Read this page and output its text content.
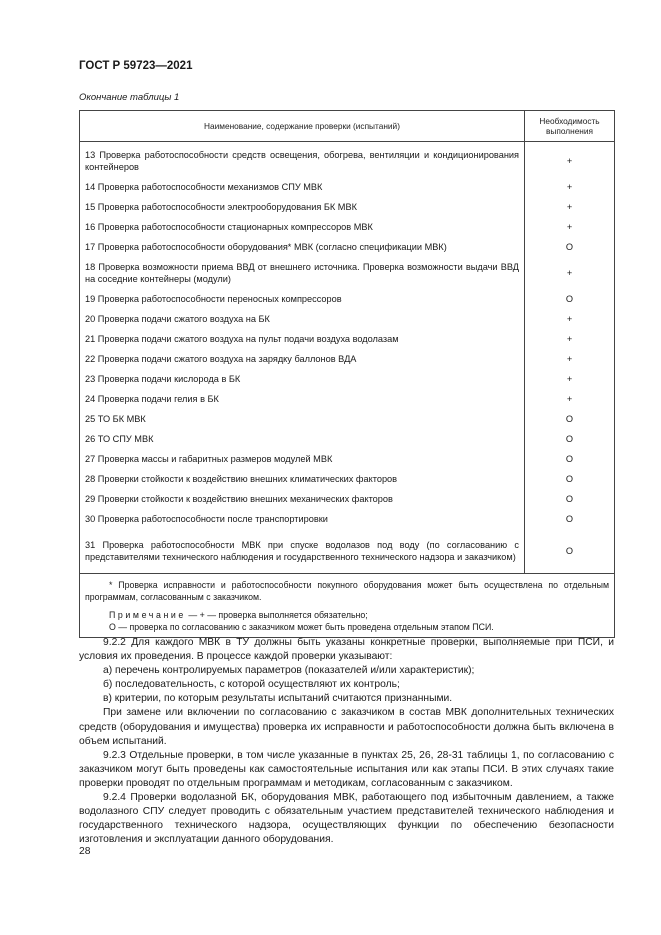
ГОСТ Р 59723—2021
Окончание таблицы 1
Наименование, содержание проверки (испытаний)	Необходимость выполнения
13 Проверка работоспособности средств освещения, обогрева, вентиляции и кондиционирования контейнеров	+
14 Проверка работоспособности механизмов СПУ МВК	+
15 Проверка работоспособности электрооборудования БК МВК	+
16 Проверка работоспособности стационарных компрессоров МВК	+
17 Проверка работоспособности оборудования* МВК (согласно спецификации МВК)	О
18 Проверка возможности приема ВВД от внешнего источника. Проверка возможности выдачи ВВД на соседние контейнеры (модули)	+
19 Проверка работоспособности переносных компрессоров	О
20 Проверка подачи сжатого воздуха на БК	+
21 Проверка подачи сжатого воздуха на пульт подачи воздуха водолазам	+
22 Проверка подачи сжатого воздуха на зарядку баллонов ВДА	+
23 Проверка подачи кислорода в БК	+
24 Проверка подачи гелия в БК	+
25 ТО БК МВК	О
26 ТО СПУ МВК	О
27 Проверка массы и габаритных размеров модулей МВК	О
28 Проверки стойкости к воздействию внешних климатических факторов	О
29 Проверки стойкости к воздействию внешних механических факторов	О
30 Проверка работоспособности после транспортировки	О
31 Проверка работоспособности МВК при спуске водолазов под воду (по согласованию с представителями технического наблюдения и государственного технического надзора и заказчиком)	О

* Проверка исправности и работоспособности покупного оборудования может быть осуществлена по отдельным программам, согласованным с заказчиком.
Примечание — + — проверка выполняется обязательно;
О — проверка по согласованию с заказчиком может быть проведена отдельным этапом ПСИ.	

9.2.2 Для каждого МВК в ТУ должны быть указаны конкретные проверки, выполняемые при ПСИ, и условия их проведения. В процессе каждой проверки указывают:

а) перечень контролируемых параметров (показателей и/или характеристик);

б) последовательность, с которой осуществляют их контроль;

в) критерии, по которым результаты испытаний считаются признанными.

При замене или включении по согласованию с заказчиком в состав МВК дополнительных технических средств (оборудования и имущества) проверка их исправности и работоспособности должна быть включена в объем испытаний.

9.2.3 Отдельные проверки, в том числе указанные в пунктах 25, 26, 28-31 таблицы 1, по согласованию с заказчиком могут быть проведены как самостоятельные испытания или как этапы ПСИ. В этих случаях такие проверки проводят по отдельным программам и методикам, согласованным с заказчиком.

9.2.4 Проверки водолазной БК, оборудования МВК, работающего под избыточным давлением, а также водолазного СПУ следует проводить с обязательным участием представителей технического наблюдения и государственного технического надзора, осуществляющих функции по обеспечению безопасности изготовления и эксплуатации данного оборудования.

28
